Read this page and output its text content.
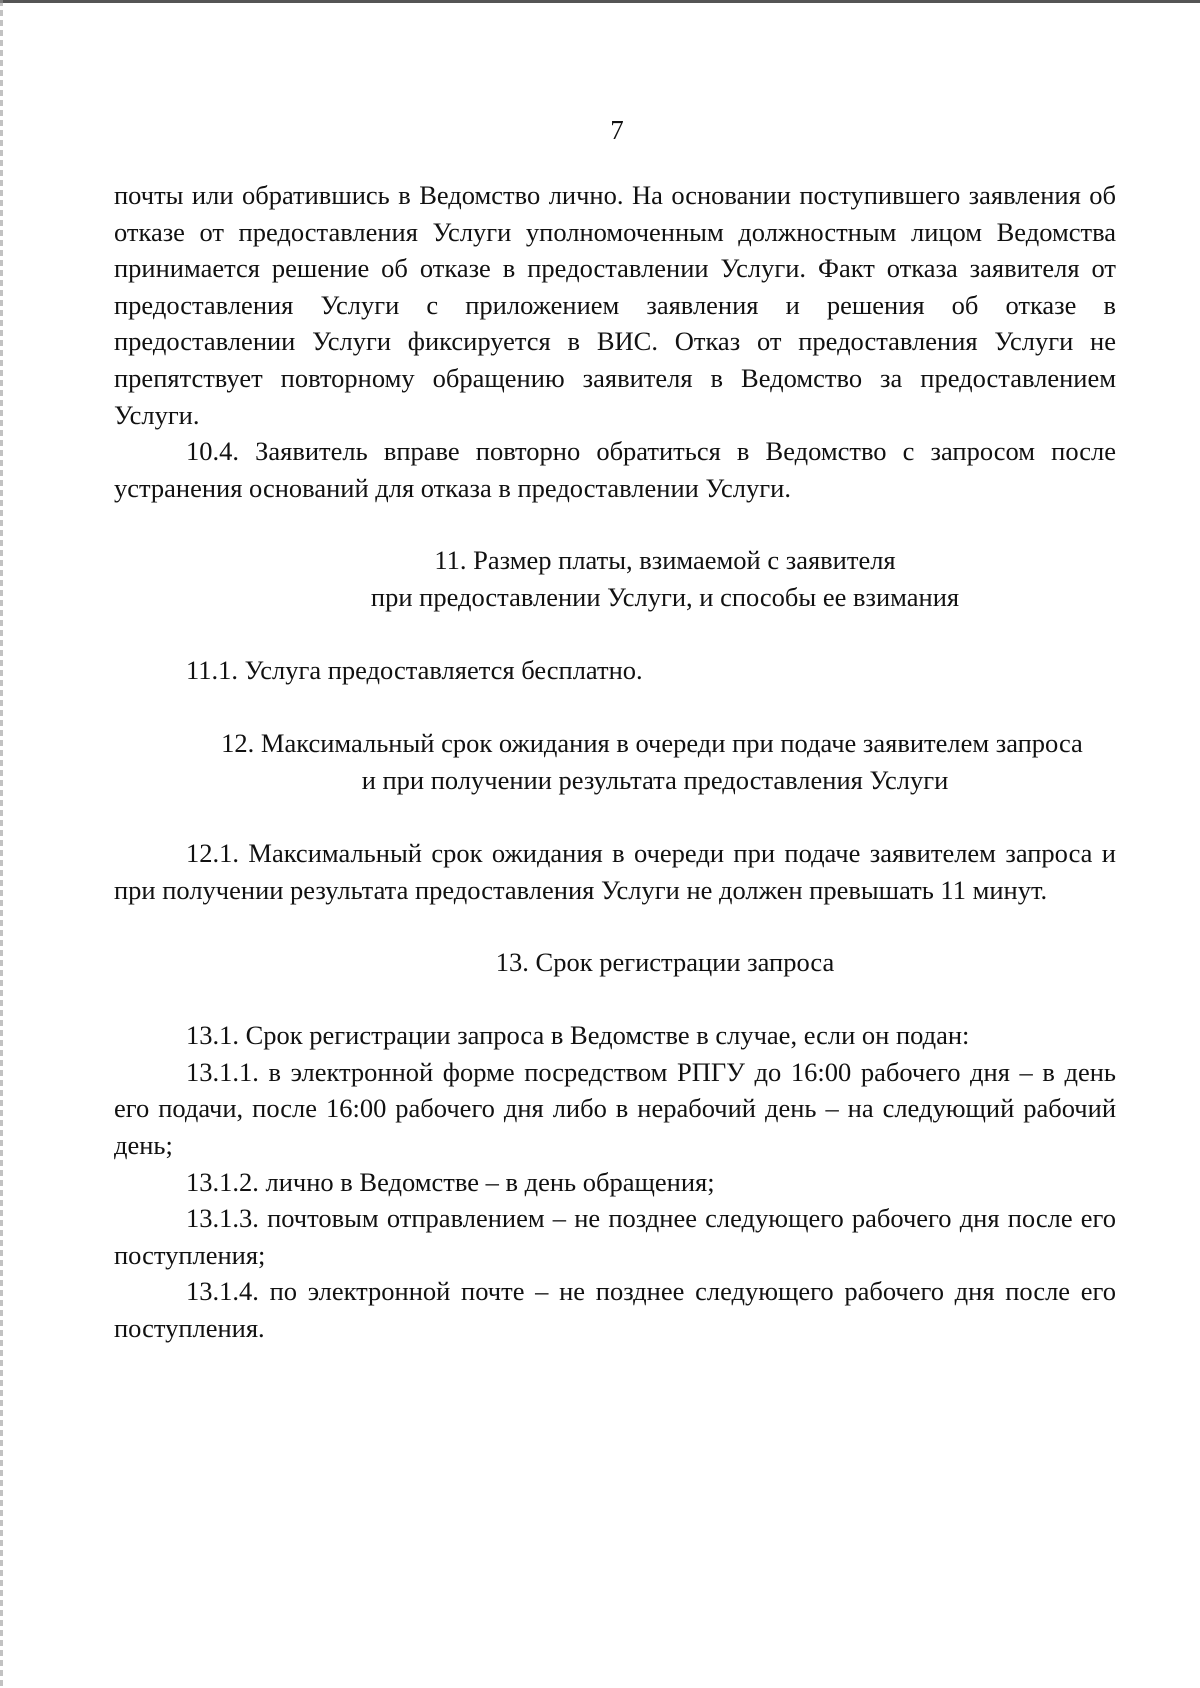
7

почты или обратившись в Ведомство лично. На основании поступившего заявления об отказе от предоставления Услуги уполномоченным должностным лицом Ведомства принимается решение об отказе в предоставлении Услуги. Факт отказа заявителя от предоставления Услуги с приложением заявления и решения об отказе в предоставлении Услуги фиксируется в ВИС. Отказ от предоставления Услуги не препятствует повторному обращению заявителя в Ведомство за предоставлением Услуги.

10.4. Заявитель вправе повторно обратиться в Ведомство с запросом после устранения оснований для отказа в предоставлении Услуги.

11. Размер платы, взимаемой с заявителя
при предоставлении Услуги, и способы ее взимания

11.1. Услуга предоставляется бесплатно.

12. Максимальный срок ожидания в очереди при подаче заявителем запроса
и при получении результата предоставления Услуги

12.1. Максимальный срок ожидания в очереди при подаче заявителем запроса и при получении результата предоставления Услуги не должен превышать 11 минут.

13. Срок регистрации запроса

13.1. Срок регистрации запроса в Ведомстве в случае, если он подан:

13.1.1. в электронной форме посредством РПГУ до 16:00 рабочего дня – в день его подачи, после 16:00 рабочего дня либо в нерабочий день – на следующий рабочий день;

13.1.2. лично в Ведомстве – в день обращения;

13.1.3. почтовым отправлением – не позднее следующего рабочего дня после его поступления;

13.1.4. по электронной почте – не позднее следующего рабочего дня после его поступления.
